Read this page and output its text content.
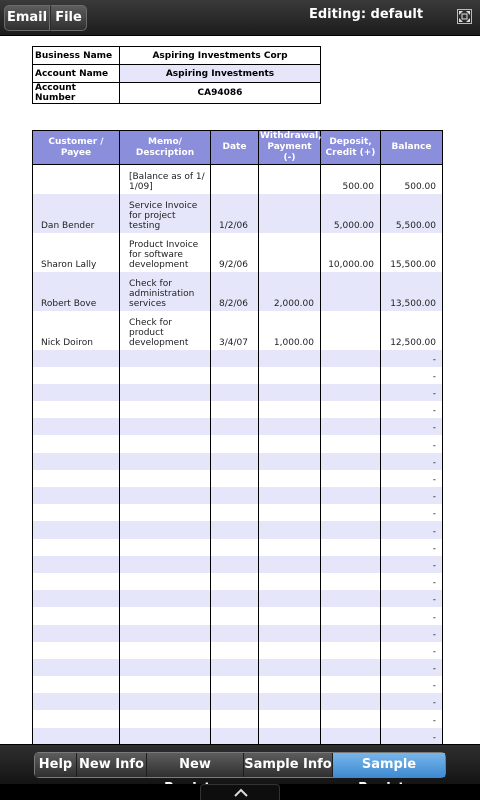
Email File	Editing: default
Business Name	Aspiring Investments Corp
Account Name	Aspiring Investments
Account Number	CA94086
Customer / Payee	Memo/ Description	Date	Withdrawal, Payment (-)	Deposit, Credit (+)	Balance
	[Balance as of 1/ 1/09]			500.00	500.00
Dan Bender	Service Invoice for project testing	1/2/06		5,000.00	5,500.00
Sharon Lally	Product Invoice for software development	9/2/06		10,000.00	15,500.00
Robert Bove	Check for administration services	8/2/06	2,000.00		13,500.00
Nick Doiron	Check for product development	3/4/07	1,000.00		12,500.00
					-
					-
					-
					-
					-
					-
					-
					-
					-
					-
					-
					-
					-
					-
					-
					-
					-
					-
					-
					-
					-
					-
					-
Help New Info	New	Sample Info	Sample
